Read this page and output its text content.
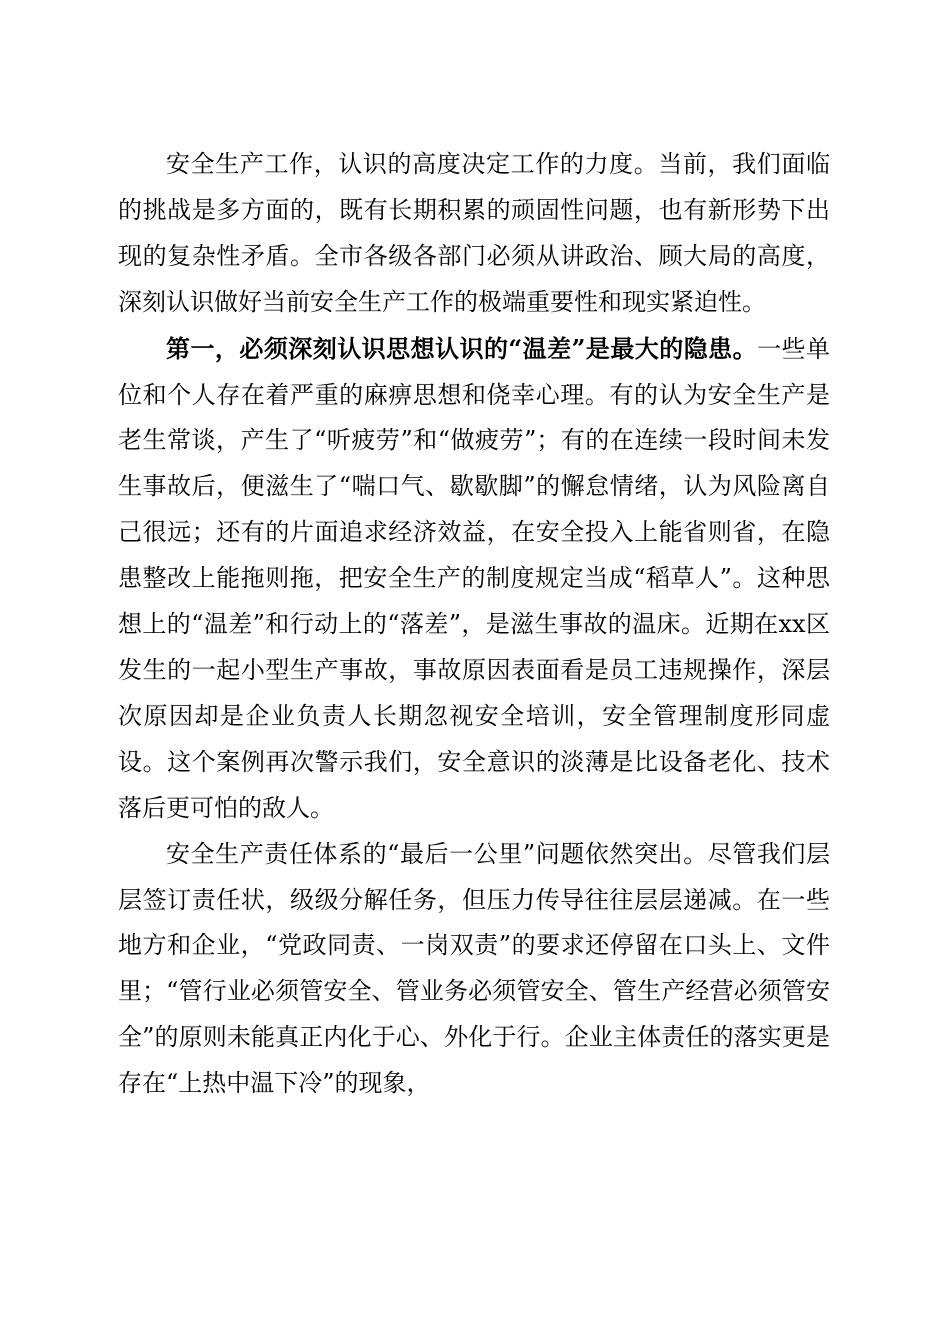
安全生产工作，认识的高度决定工作的力度。当前，我们面临的挑战是多方面的，既有长期积累的顽固性问题，也有新形势下出现的复杂性矛盾。全市各级各部门必须从讲政治、顾大局的高度，深刻认识做好当前安全生产工作的极端重要性和现实紧迫性。

第一，必须深刻认识思想认识的“温差”是最大的隐患。一些单位和个人存在着严重的麻痹思想和侥幸心理。有的认为安全生产是老生常谈，产生了“听疲劳”和“做疲劳”；有的在连续一段时间未发生事故后，便滋生了“喘口气、歇歇脚”的懈怠情绪，认为风险离自己很远；还有的片面追求经济效益，在安全投入上能省则省，在隐患整改上能拖则拖，把安全生产的制度规定当成“稻草人”。这种思想上的“温差”和行动上的“落差”，是滋生事故的温床。近期在xx区发生的一起小型生产事故，事故原因表面看是员工违规操作，深层次原因却是企业负责人长期忽视安全培训，安全管理制度形同虚设。这个案例再次警示我们，安全意识的淡薄是比设备老化、技术落后更可怕的敌人。

安全生产责任体系的“最后一公里”问题依然突出。尽管我们层层签订责任状，级级分解任务，但压力传导往往层层递减。在一些地方和企业，“党政同责、一岗双责”的要求还停留在口头上、文件里；“管行业必须管安全、管业务必须管安全、管生产经营必须管安全”的原则未能真正内化于心、外化于行。企业主体责任的落实更是存在“上热中温下冷”的现象，
